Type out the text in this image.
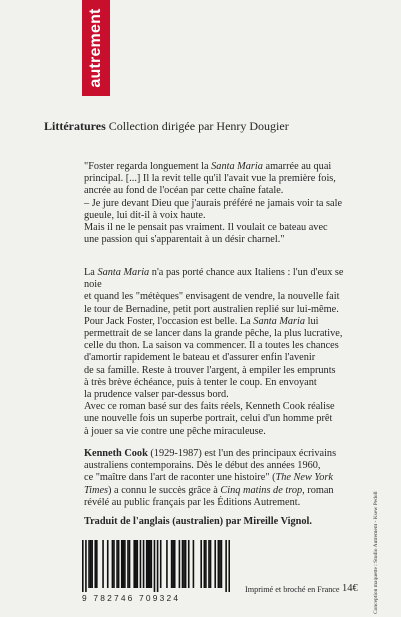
autrement
Littératures Collection dirigée par Henry Dougier

"Foster regarda longuement la Santa Maria amarrée au quai

principal. [...] Il la revit telle qu'il l'avait vue la première fois,

ancrée au fond de l'océan par cette chaîne fatale.

– Je jure devant Dieu que j'aurais préféré ne jamais voir ta sale

gueule, lui dit-il à voix haute.

Mais il ne le pensait pas vraiment. Il voulait ce bateau avec

une passion qui s'apparentait à un désir charnel."

La Santa Maria n'a pas porté chance aux Italiens : l'un d'eux se noie

et quand les "métèques" envisagent de vendre, la nouvelle fait

le tour de Bernadine, petit port australien replié sur lui-même.

Pour Jack Foster, l'occasion est belle. La Santa Maria lui

permettrait de se lancer dans la grande pêche, la plus lucrative,

celle du thon. La saison va commencer. Il a toutes les chances

d'amortir rapidement le bateau et d'assurer enfin l'avenir

de sa famille. Reste à trouver l'argent, à empiler les emprunts

à très brève échéance, puis à tenter le coup. En envoyant

la prudence valser par-dessus bord.

Avec ce roman basé sur des faits réels, Kenneth Cook réalise

une nouvelle fois un superbe portrait, celui d'un homme prêt

à jouer sa vie contre une pêche miraculeuse.

Kenneth Cook (1929-1987) est l'un des principaux écrivains

australiens contemporains. Dès le début des années 1960,

ce "maître dans l'art de raconter une histoire" (The New York

Times) a connu le succès grâce à Cinq matins de trop, roman

révélé au public français par les Éditions Autrement.

Traduit de l'anglais (australien) par Mireille Vignol.
9 782746 709324
Imprimé et broché en France 14€	Conception maquette : Studio Autrement - Ksew Pedoll
